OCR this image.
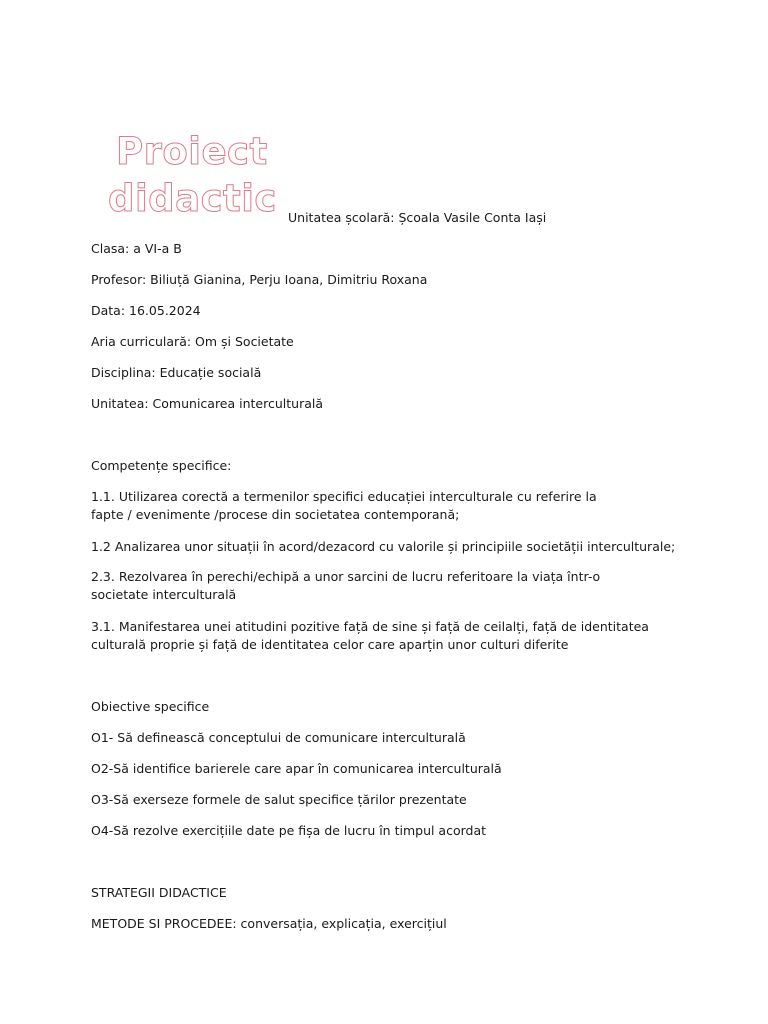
Proiect
didactic Unitatea școlară: Școala Vasile Conta Iași
Clasa: a VI-a B
Profesor: Biliuță Gianina, Perju Ioana, Dimitriu Roxana
Data: 16.05.2024
Aria curriculară: Om și Societate
Disciplina: Educație socială
Unitatea: Comunicarea interculturală
Competențe specifice:
1.1. Utilizarea corectă a termenilor specifici educației interculturale cu referire la fapte / evenimente /procese din societatea contemporană;
1.2 Analizarea unor situații în acord/dezacord cu valorile și principiile societății interculturale;
2.3. Rezolvarea în perechi/echipă a unor sarcini de lucru referitoare la viața într-o societate interculturală
3.1. Manifestarea unei atitudini pozitive față de sine și față de ceilalți, față de identitatea culturală proprie și față de identitatea celor care aparțin unor culturi diferite
Obiective specifice
O1- Să definească conceptului de comunicare interculturală
O2-Să identifice barierele care apar în comunicarea interculturală
O3-Să exerseze formele de salut specifice țărilor prezentate
O4-Să rezolve exercițiile date pe fișa de lucru în timpul acordat
STRATEGII DIDACTICE
METODE SI PROCEDEE: conversația, explicația, exercițiul
